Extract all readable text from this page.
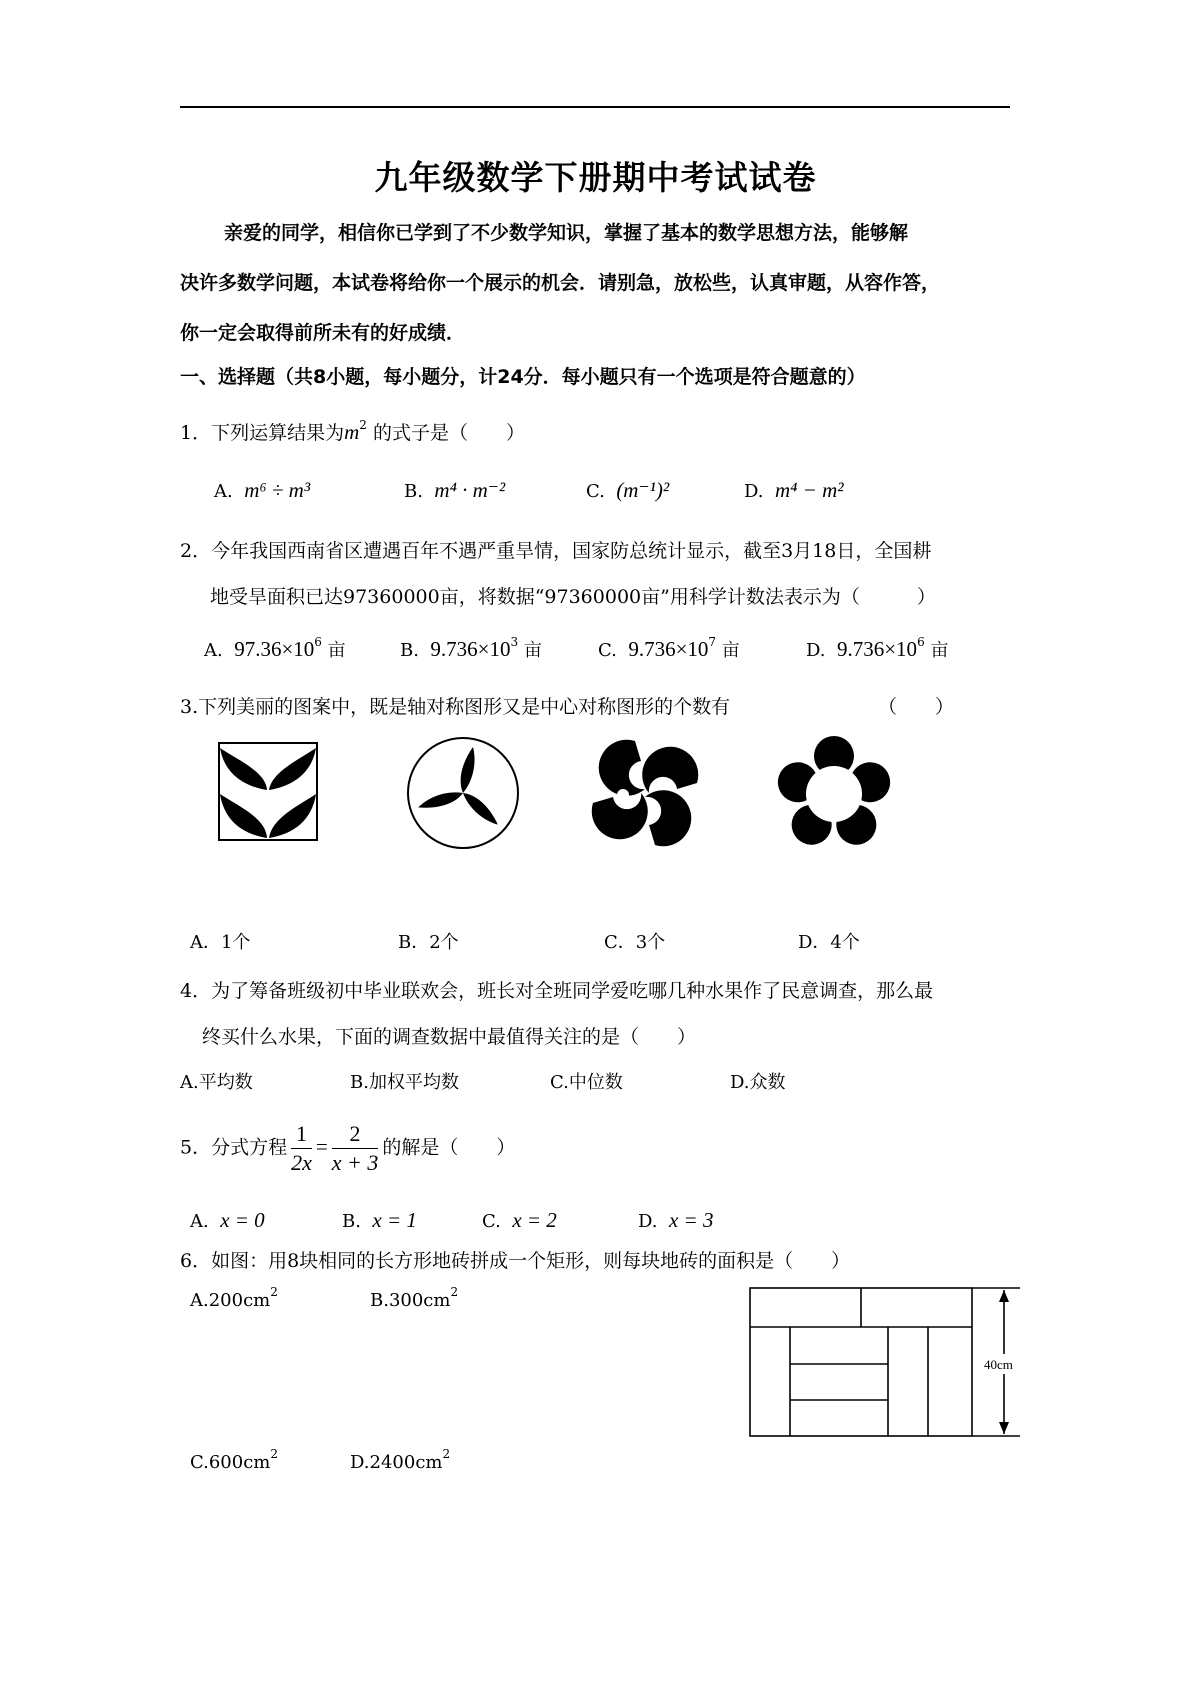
九年级数学下册期中考试试卷
亲爱的同学，相信你已学到了不少数学知识，掌握了基本的数学思想方法，能够解
决许多数学问题，本试卷将给你一个展示的机会．请别急，放松些，认真审题，从容作答，
你一定会取得前所未有的好成绩．
一、选择题（共8小题，每小题分，计24分．每小题只有一个选项是符合题意的）
1．下列运算结果为$m^2$ 的式子是（　　）
A. m⁶ ÷ m³	B. m⁴ · m⁻²	C. (m⁻¹)²	D. m⁴ − m²
2．今年我国西南省区遭遇百年不遇严重旱情，国家防总统计显示，截至3月18日，全国耕
地受旱面积已达97360000亩，将数据“97360000亩”用科学计数法表示为（　　　）
A. $97.36\times 10^6$ 亩	B. $9.736\times 10^3$ 亩	C. $9.736\times 10^7$ 亩	D. $9.736\times 10^6$ 亩
3.下列美丽的图案中，既是轴对称图形又是中心对称图形的个数有	（　　）
A．1个	B．2个	C．3个	D．4个
4．为了筹备班级初中毕业联欢会，班长对全班同学爱吃哪几种水果作了民意调查，那么最
终买什么水果，下面的调查数据中最值得关注的是（　　）
A.平均数	B.加权平均数	C.中位数	D.众数
5．分式方程 $\frac{1}{2x} = \frac{2}{x + 3}$ 的解是（　　）
A. x = 0	B. x = 1	C. x = 2	D. x = 3
6．如图：用8块相同的长方形地砖拼成一个矩形，则每块地砖的面积是（　　）
$A.200cm^2$	$B.300cm^2$
$C.600cm^2$	$D.2400cm^2$
40cm
